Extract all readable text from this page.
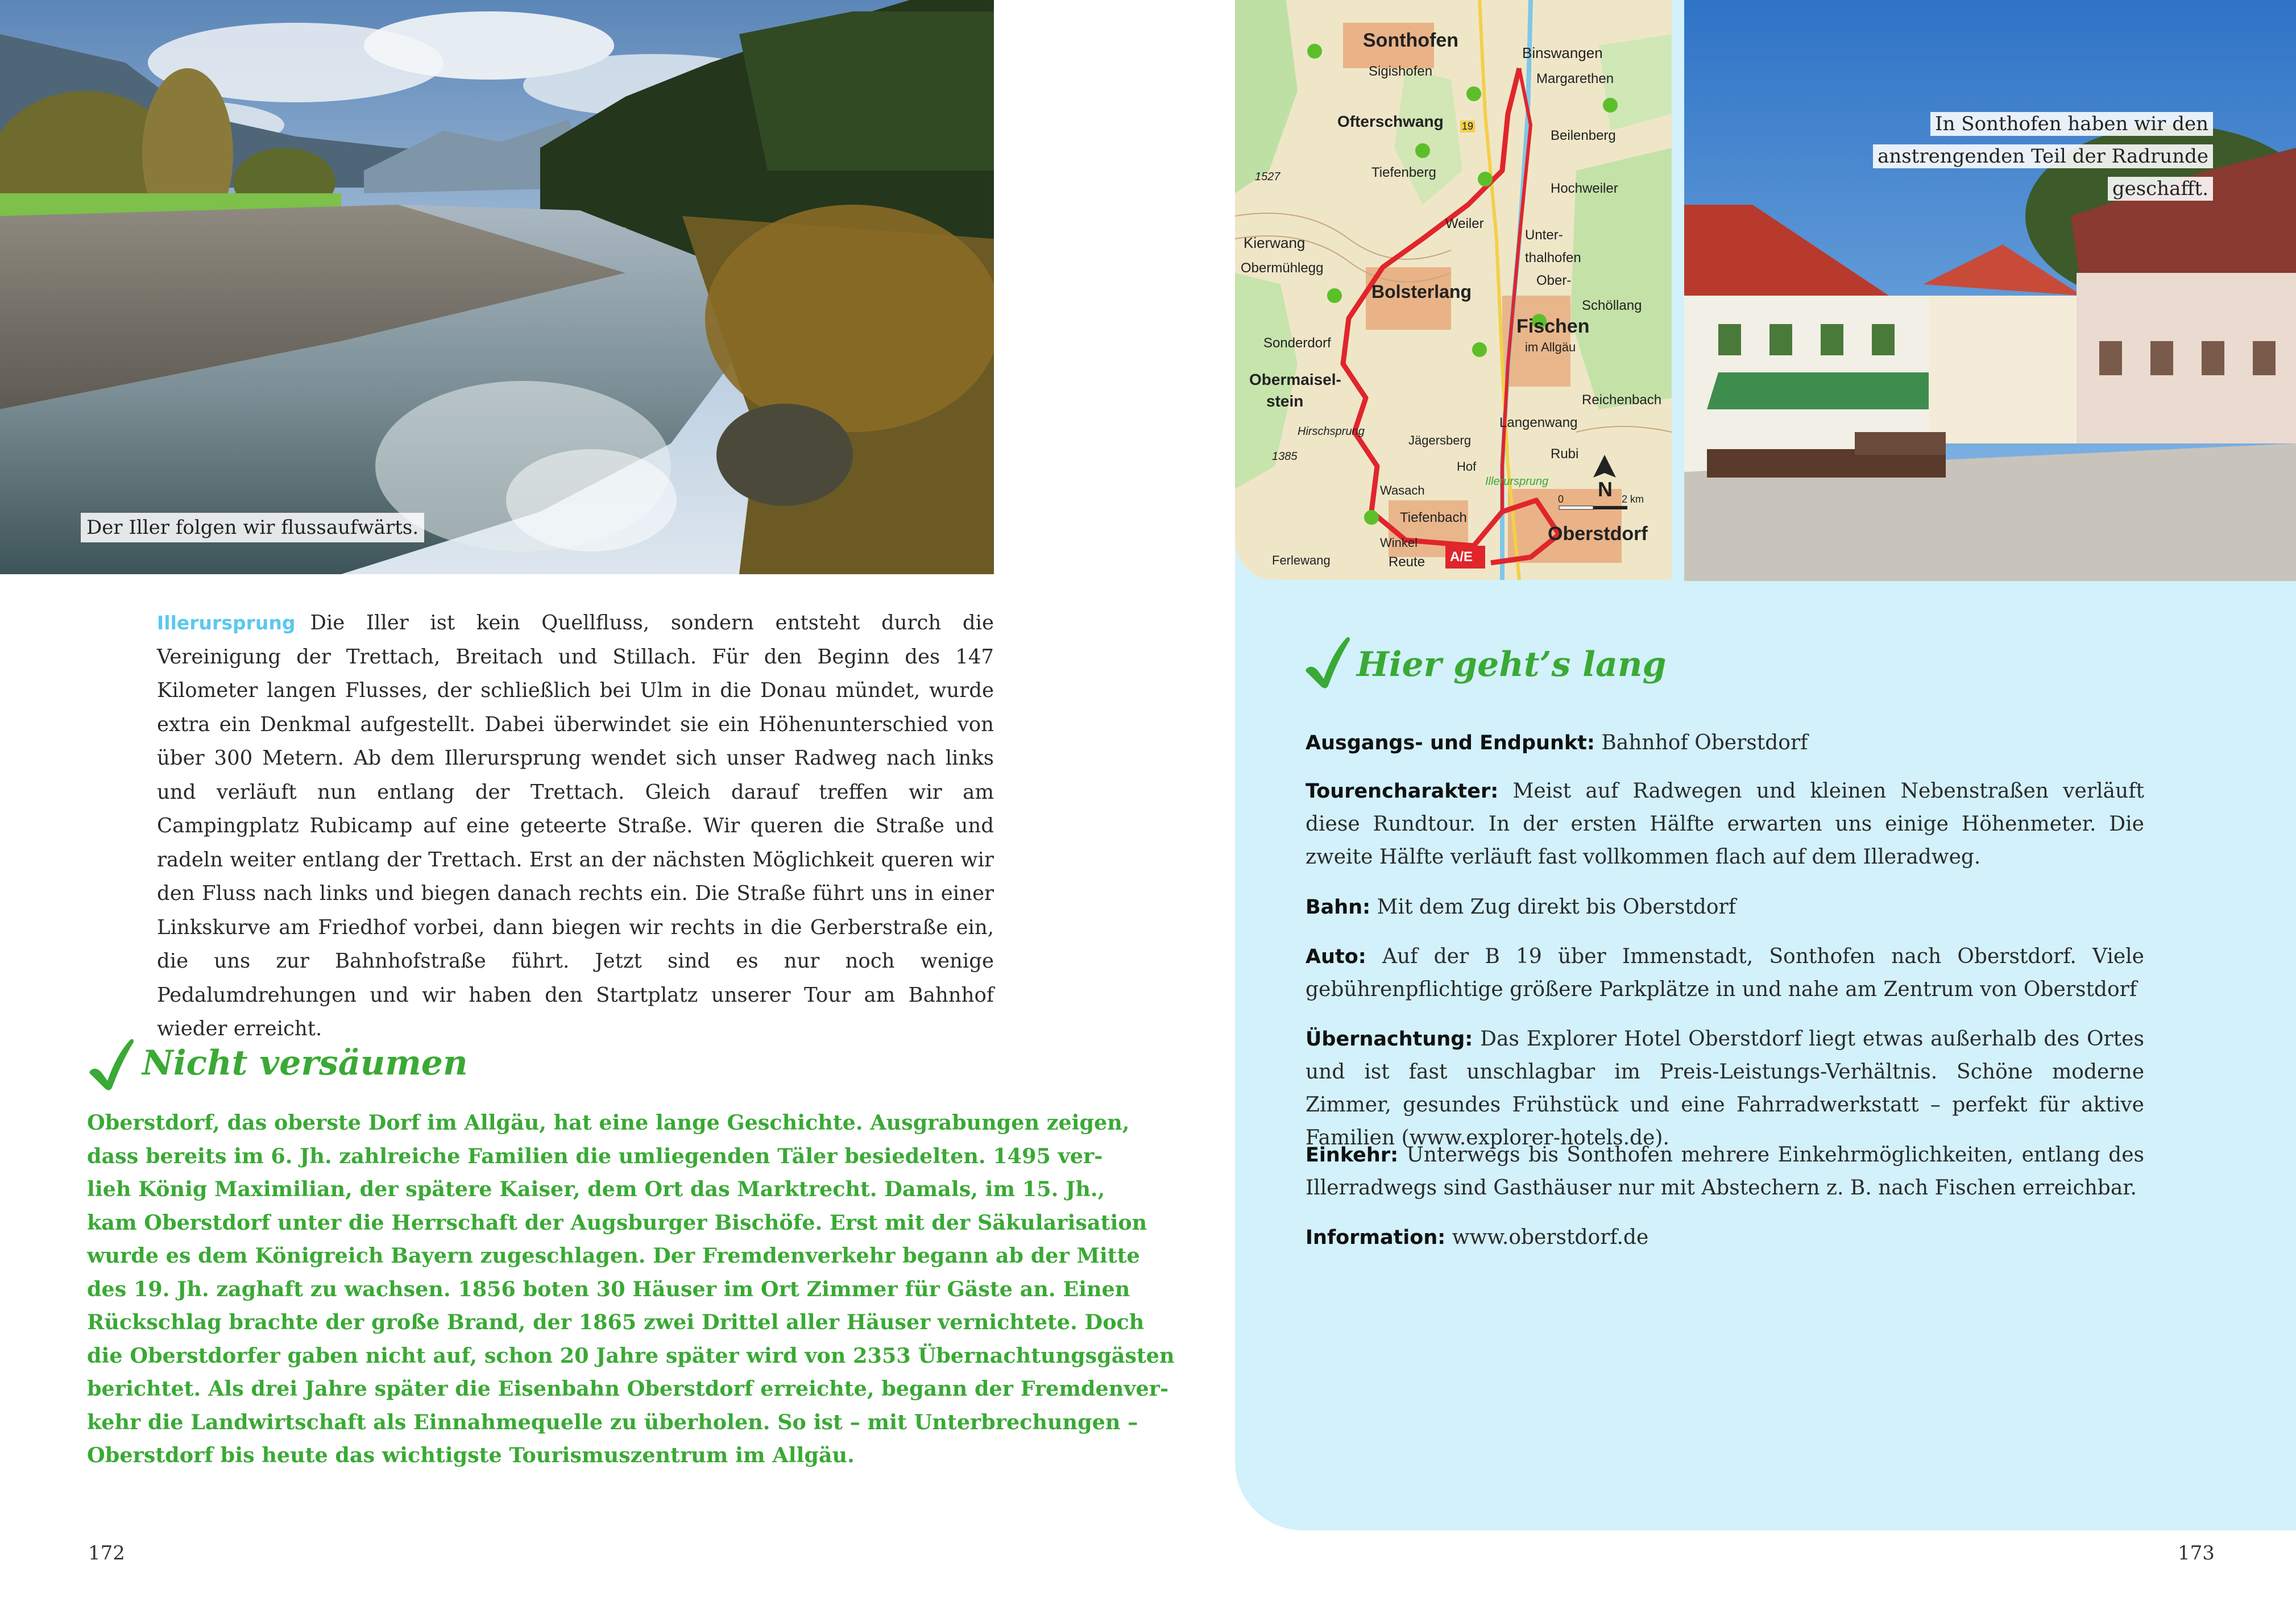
Der Iller folgen wir flussaufwärts.
Illerursprung Die Iller ist kein Quellfluss, sondern entsteht durch die Vereinigung der Trettach, Breitach und Stillach. Für den Beginn des 147 Kilometer langen Flusses, der schließlich bei Ulm in die Donau mündet, wurde extra ein Denkmal aufgestellt. Dabei überwindet sie ein Höhenunterschied von über 300 Metern. Ab dem Illerursprung wendet sich unser Radweg nach links und verläuft nun entlang der Trettach. Gleich darauf treffen wir am Campingplatz Rubicamp auf eine geteerte Straße. Wir queren die Straße und radeln weiter entlang der Trettach. Erst an der nächsten Möglichkeit queren wir den Fluss nach links und biegen danach rechts ein. Die Straße führt uns in einer Linkskurve am Friedhof vorbei, dann biegen wir rechts in die Gerberstraße ein, die uns zur Bahnhofstraße führt. Jetzt sind es nur noch wenige Pedalumdrehungen und wir haben den Startplatz unserer Tour am Bahnhof wieder erreicht.
Nicht versäumen

Oberstdorf, das oberste Dorf im Allgäu, hat eine lange Geschichte. Ausgrabungen zeigen,

dass bereits im 6. Jh. zahlreiche Familien die umliegenden Täler besiedelten. 1495 ver-

lieh König Maximilian, der spätere Kaiser, dem Ort das Marktrecht. Damals, im 15. Jh.,

kam Oberstdorf unter die Herrschaft der Augsburger Bischöfe. Erst mit der Säkularisation

wurde es dem Königreich Bayern zugeschlagen. Der Fremdenverkehr begann ab der Mitte

des 19. Jh. zaghaft zu wachsen. 1856 boten 30 Häuser im Ort Zimmer für Gäste an. Einen

Rückschlag brachte der große Brand, der 1865 zwei Drittel aller Häuser vernichtete. Doch

die Oberstdorfer gaben nicht auf, schon 20 Jahre später wird von 2353 Übernachtungsgästen

berichtet. Als drei Jahre später die Eisenbahn Oberstdorf erreichte, begann der Fremdenver-

kehr die Landwirtschaft als Einnahmequelle zu überholen. So ist – mit Unterbrechungen –

Oberstdorf bis heute das wichtigste Tourismuszentrum im Allgäu.

172
Sonthofen
Sigishofen
Binswangen
Margarethen
Ofterschwang
Beilenberg
Hochweiler
Tiefenberg
Weiler
Unter-
thalhofen
Ober-
Schöllang
Kierwang
Obermühlegg
Bolsterlang
Fischen
im Allgäu
Sonderdorf
Obermaisel-
stein	Reichenbach
Langenwang
Rubi
Hirschsprung
Jägersberg
Hof
Wasach
Tiefenbach
Winkel
Reute
Ferlewang
Oberstdorf
Illerursprung
1527
1385
19
N
0	2 km
A/E
In Sonthofen haben wir den
anstrengenden Teil der Radrunde
geschafft.
Hier geht’s lang
Ausgangs- und Endpunkt: Bahnhof Oberstdorf
Tourencharakter: Meist auf Radwegen und kleinen Nebenstraßen verläuft diese Rundtour. In der ersten Hälfte erwarten uns einige Höhenmeter. Die zweite Hälfte verläuft fast vollkommen flach auf dem Illeradweg.
Bahn: Mit dem Zug direkt bis Oberstdorf
Auto: Auf der B 19 über Immenstadt, Sonthofen nach Oberstdorf. Viele gebührenpflichtige größere Parkplätze in und nahe am Zentrum von Oberstdorf
Übernachtung: Das Explorer Hotel Oberstdorf liegt etwas außerhalb des Ortes und ist fast unschlagbar im Preis-Leistungs-Verhältnis. Schöne moderne Zimmer, gesundes Frühstück und eine Fahrradwerkstatt – perfekt für aktive Familien (www.explorer-hotels.de).
Einkehr: Unterwegs bis Sonthofen mehrere Einkehrmöglichkeiten, entlang des Illerradwegs sind Gasthäuser nur mit Abstechern z. B. nach Fischen erreichbar.
Information: www.oberstdorf.de
173
